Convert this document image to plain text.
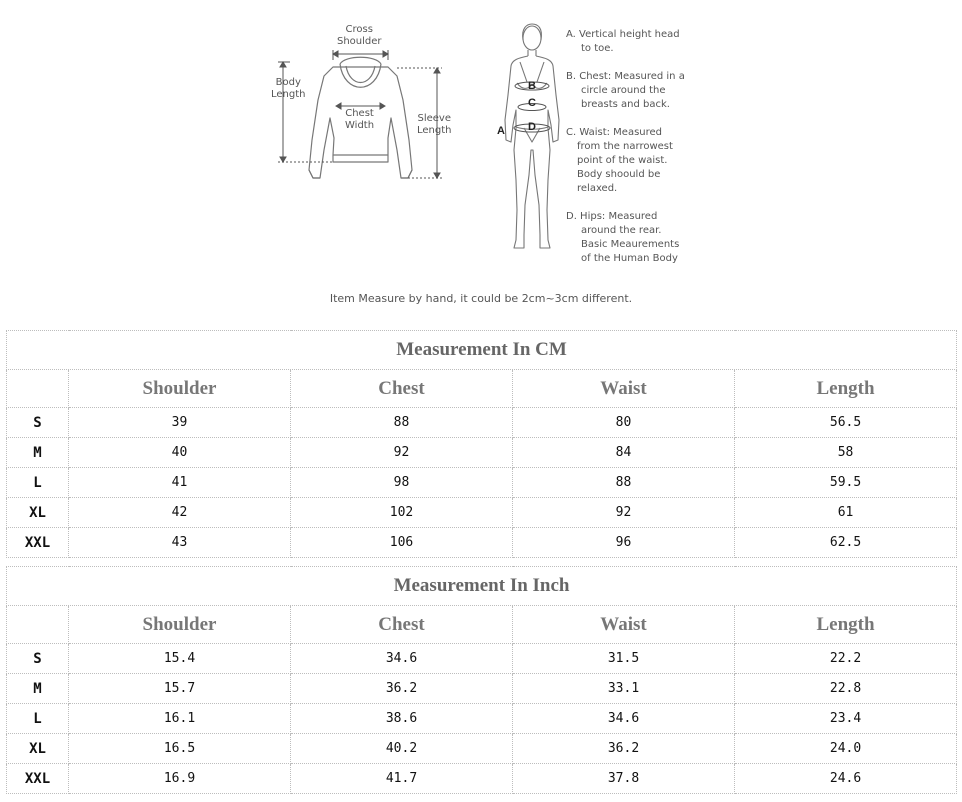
Cross
Shoulder
Body
Length
Chest
Width
Sleeve
Length	A
B
C
D
A. Vertical height head
to toe.
B. Chest: Measured in a
circle around the
breasts and back.
C. Waist: Measured
from the narrowest
point of the waist.
Body shoould be
relaxed.
D. Hips: Measured
around the rear.
Basic Meaurements
of the Human Body
Item Measure by hand, it could be 2cm~3cm different.
Measurement In CM				
	Shoulder	Chest	Waist	Length
S	39	88	80	56.5
M	40	92	84	58
L	41	98	88	59.5
XL	42	102	92	61
XXL	43	106	96	62.5
Measurement In Inch				
	Shoulder	Chest	Waist	Length
S	15.4	34.6	31.5	22.2
M	15.7	36.2	33.1	22.8
L	16.1	38.6	34.6	23.4
XL	16.5	40.2	36.2	24.0
XXL	16.9	41.7	37.8	24.6
